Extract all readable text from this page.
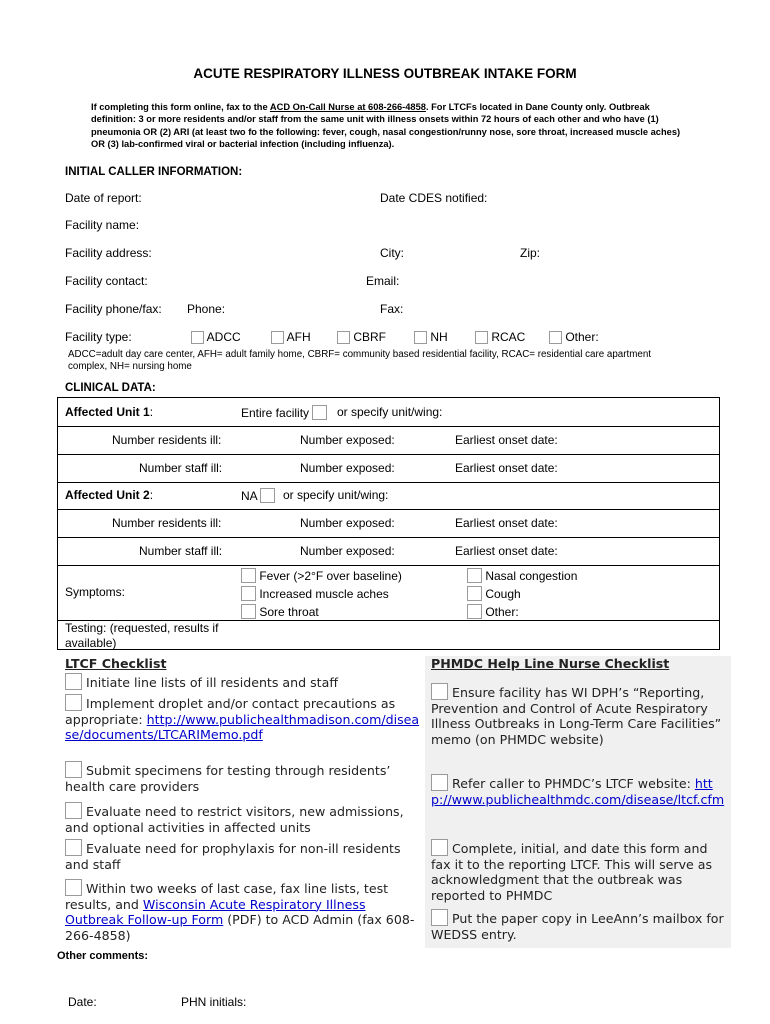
ACUTE RESPIRATORY ILLNESS OUTBREAK INTAKE FORM
If completing this form online, fax to the ACD On-Call Nurse at 608-266-4858. For LTCFs located in Dane County only. Outbreak definition: 3 or more residents and/or staff from the same unit with illness onsets within 72 hours of each other and who have (1) pneumonia OR (2) ARI (at least two fo the following: fever, cough, nasal congestion/runny nose, sore throat, increased muscle aches) OR (3) lab-confirmed viral or bacterial infection (including influenza).
INITIAL CALLER INFORMATION:
Date of report:	Date CDES notified:
Facility name:
Facility address:	City:	Zip:
Facility contact:	Email:
Facility phone/fax: Phone:	Fax:
Facility type:	ADCC	AFH	CBRF	NH	RCAC	Other:
ADCC=adult day care center, AFH= adult family home, CBRF= community based residential facility, RCAC= residential care apartment complex, NH= nursing home
CLINICAL DATA:
Affected Unit 1:	Entire facility	or specify unit/wing:
Number residents ill:	Number exposed:	Earliest onset date:
Number staff ill:	Number exposed:	Earliest onset date:
Affected Unit 2:	NA	or specify unit/wing:
Number residents ill:	Number exposed:	Earliest onset date:
Number staff ill:	Number exposed:	Earliest onset date:
Symptoms:
Fever (>2°F over baseline)
Increased muscle aches
Sore throat
Nasal congestion
Cough
Other:
Testing: (requested, results if available)
LTCF Checklist
Initiate line lists of ill residents and staff
Implement droplet and/or contact precautions as appropriate: http://www.publichealthmadison.com/disease/documents/LTCARIMemo.pdf
Submit specimens for testing through residents’ health care providers
Evaluate need to restrict visitors, new admissions, and optional activities in affected units
Evaluate need for prophylaxis for non-ill residents and staff
Within two weeks of last case, fax line lists, test results, and Wisconsin Acute Respiratory Illness Outbreak Follow-up Form (PDF) to ACD Admin (fax 608-266-4858)
PHMDC Help Line Nurse Checklist
Ensure facility has WI DPH’s “Reporting, Prevention and Control of Acute Respiratory Illness Outbreaks in Long-Term Care Facilities” memo (on PHMDC website)
Refer caller to PHMDC’s LTCF website: http://www.publichealthmdc.com/disease/ltcf.cfm
Complete, initial, and date this form and fax it to the reporting LTCF. This will serve as acknowledgment that the outbreak was reported to PHMDC
Put the paper copy in LeeAnn’s mailbox for WEDSS entry.
Other comments:
Date:	PHN initials:
